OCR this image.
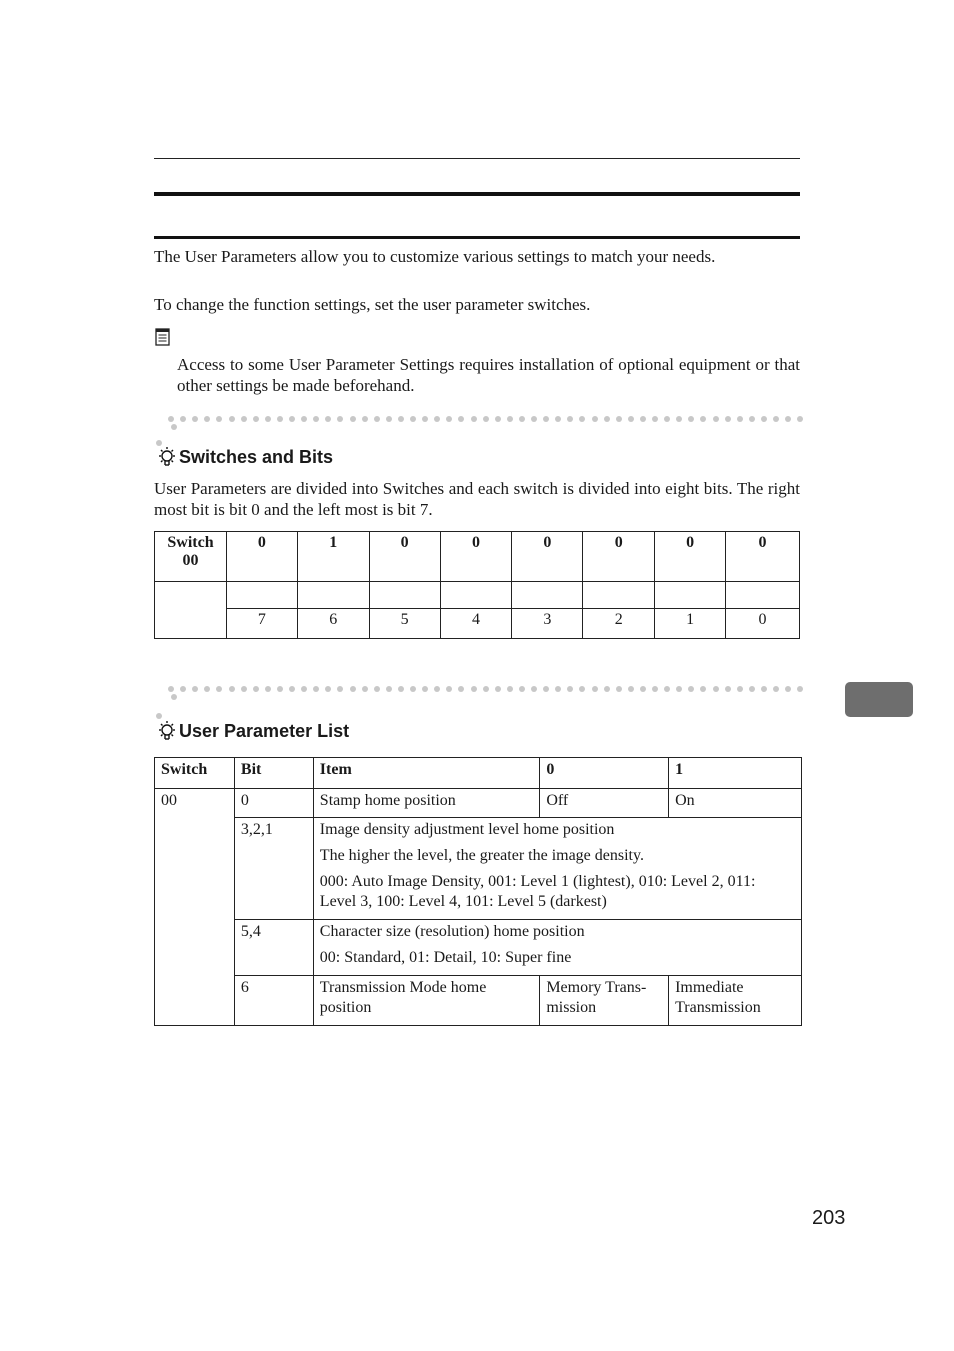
The User Parameters allow you to customize various settings to match your needs.

To change the function settings, set the user parameter switches.

Access to some User Parameter Settings requires installation of optional equipment or that other settings be made beforehand.

Switches and Bits

User Parameters are divided into Switches and each switch is divided into eight bits. The right most bit is bit 0 and the left most is bit 7.

Switch
00	0	1	0	0	0	0	0	0

	7	6	5	4	3	2	1	0
User Parameter List
Switch	Bit	Item	0	1
00	0	Stamp home position	Off	On
	3,2,1	Image density adjustment level home position

The higher the level, the greater the image density.

000: Auto Image Density, 001: Level 1 (lightest), 010: Level 2, 011: Level 3, 100: Level 4, 101: Level 5 (darkest)		

	5,4	Character size (resolution) home position

00: Standard, 01: Detail, 10: Super fine		

	6	Transmission Mode home position	Memory Trans-mission	Immediate Transmission
203
